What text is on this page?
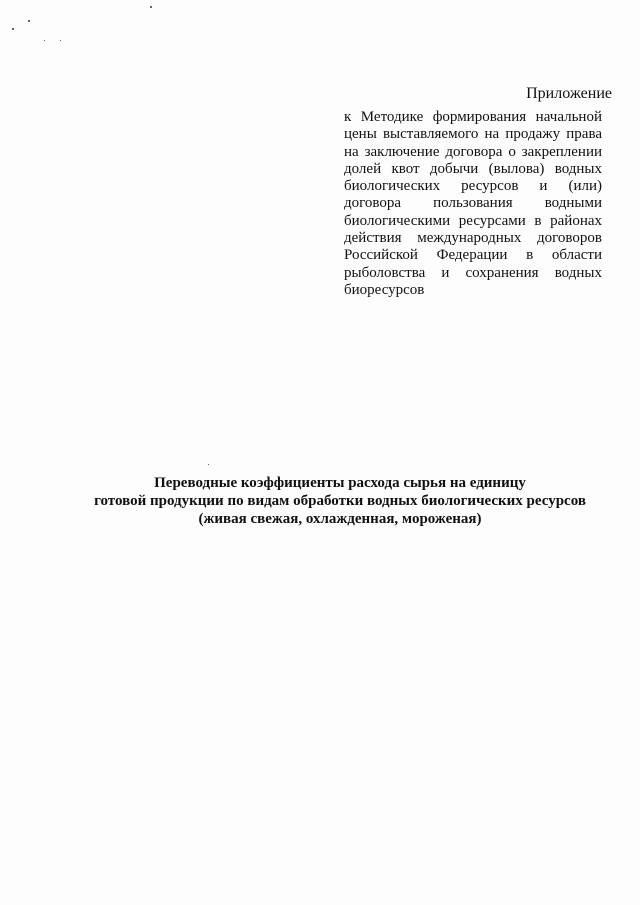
Приложение
к Методике формирования начальной цены выставляемого на продажу права на заключение договора о закреплении долей квот добычи (вылова) водных биологических ресурсов и (или) договора пользования водными биологическими ресурсами в районах действия международных договоров Российской Федерации в области рыболовства и сохранения водных биоресурсов
Переводные коэффициенты расхода сырья на единицу
готовой продукции по видам обработки водных биологических ресурсов
(живая свежая, охлажденная, мороженая)
